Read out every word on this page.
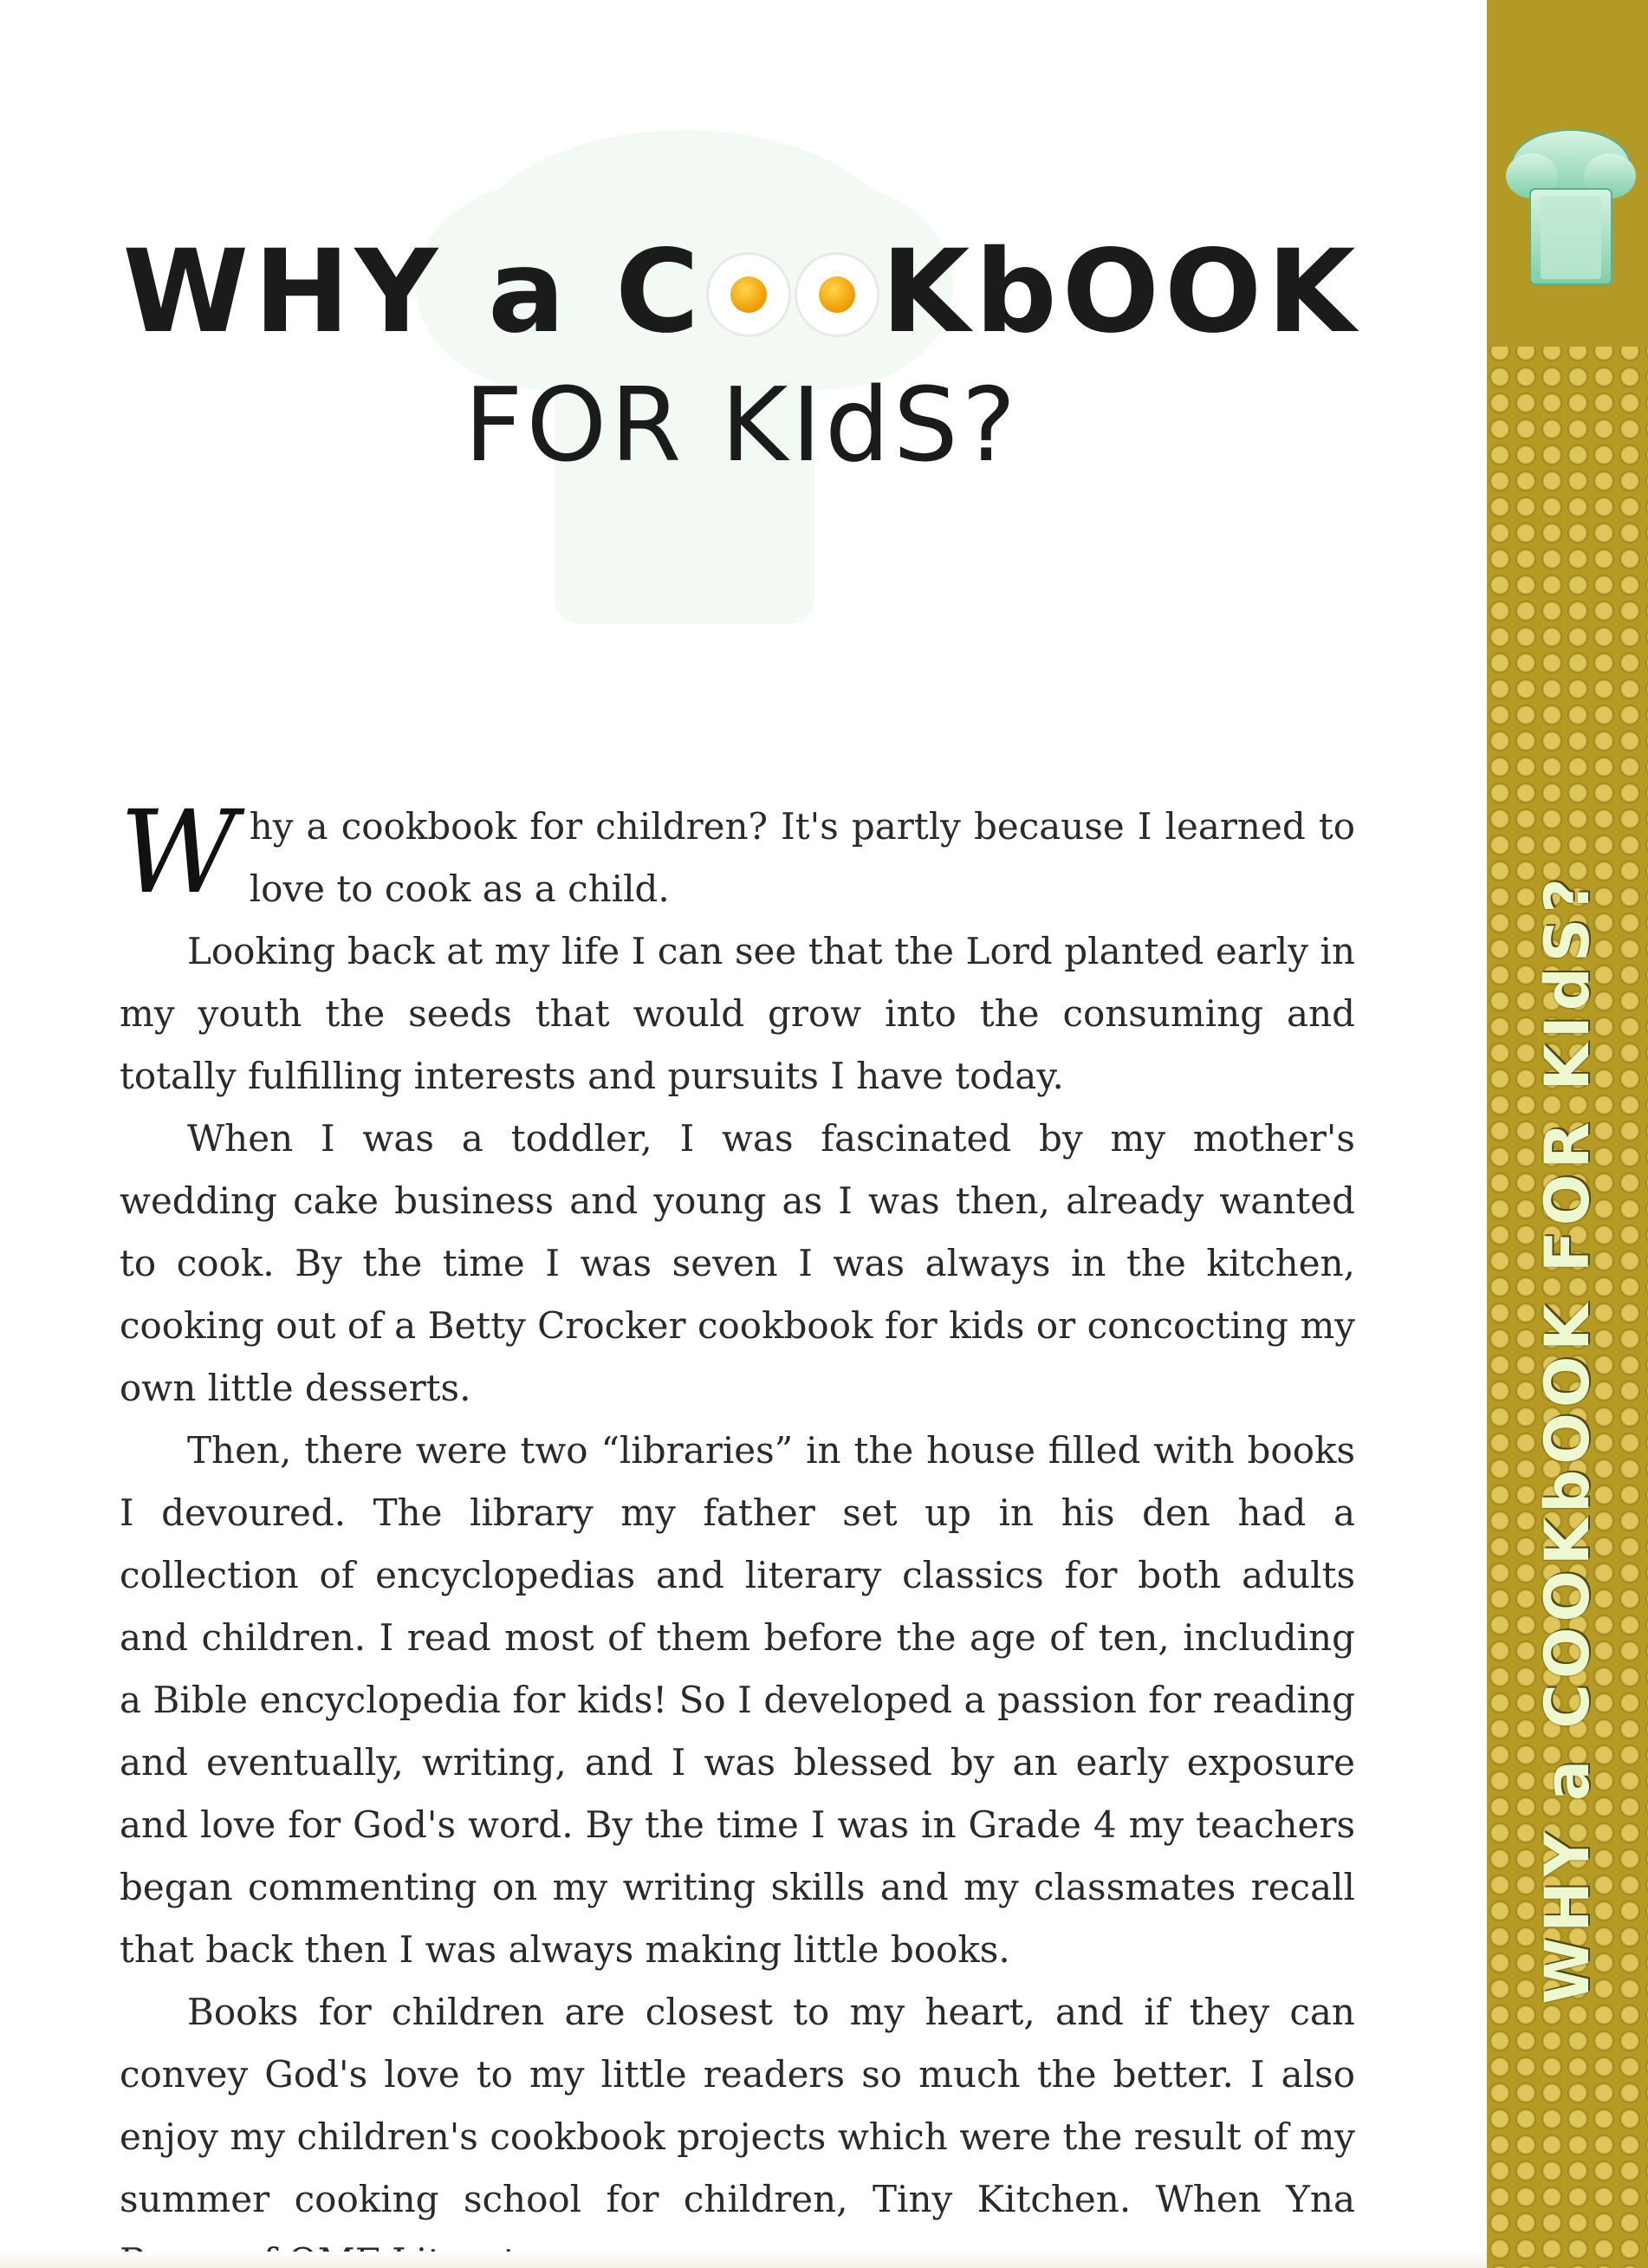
WHY a C KbOOK
FOR KIdS?

Why a cookbook for children? It's partly because I learned to love to cook as a child.

Looking back at my life I can see that the Lord planted early in my youth the seeds that would grow into the consuming and totally fulfilling interests and pursuits I have today.

When I was a toddler, I was fascinated by my mother's wedding cake business and young as I was then, already wanted to cook. By the time I was seven I was always in the kitchen, cooking out of a Betty Crocker cookbook for kids or concocting my own little desserts.

Then, there were two “libraries” in the house filled with books I devoured. The library my father set up in his den had a collection of encyclopedias and literary classics for both adults and children. I read most of them before the age of ten, including a Bible encyclopedia for kids! So I developed a passion for reading and eventually, writing, and I was blessed by an early exposure and love for God's word. By the time I was in Grade 4 my teachers began commenting on my writing skills and my classmates recall that back then I was always making little books.

Books for children are closest to my heart, and if they can convey God's love to my little readers so much the better. I also enjoy my children's cookbook projects which were the result of my summer cooking school for children, Tiny Kitchen. When Yna

WHY a COOKbOOK FOR KIdS?
